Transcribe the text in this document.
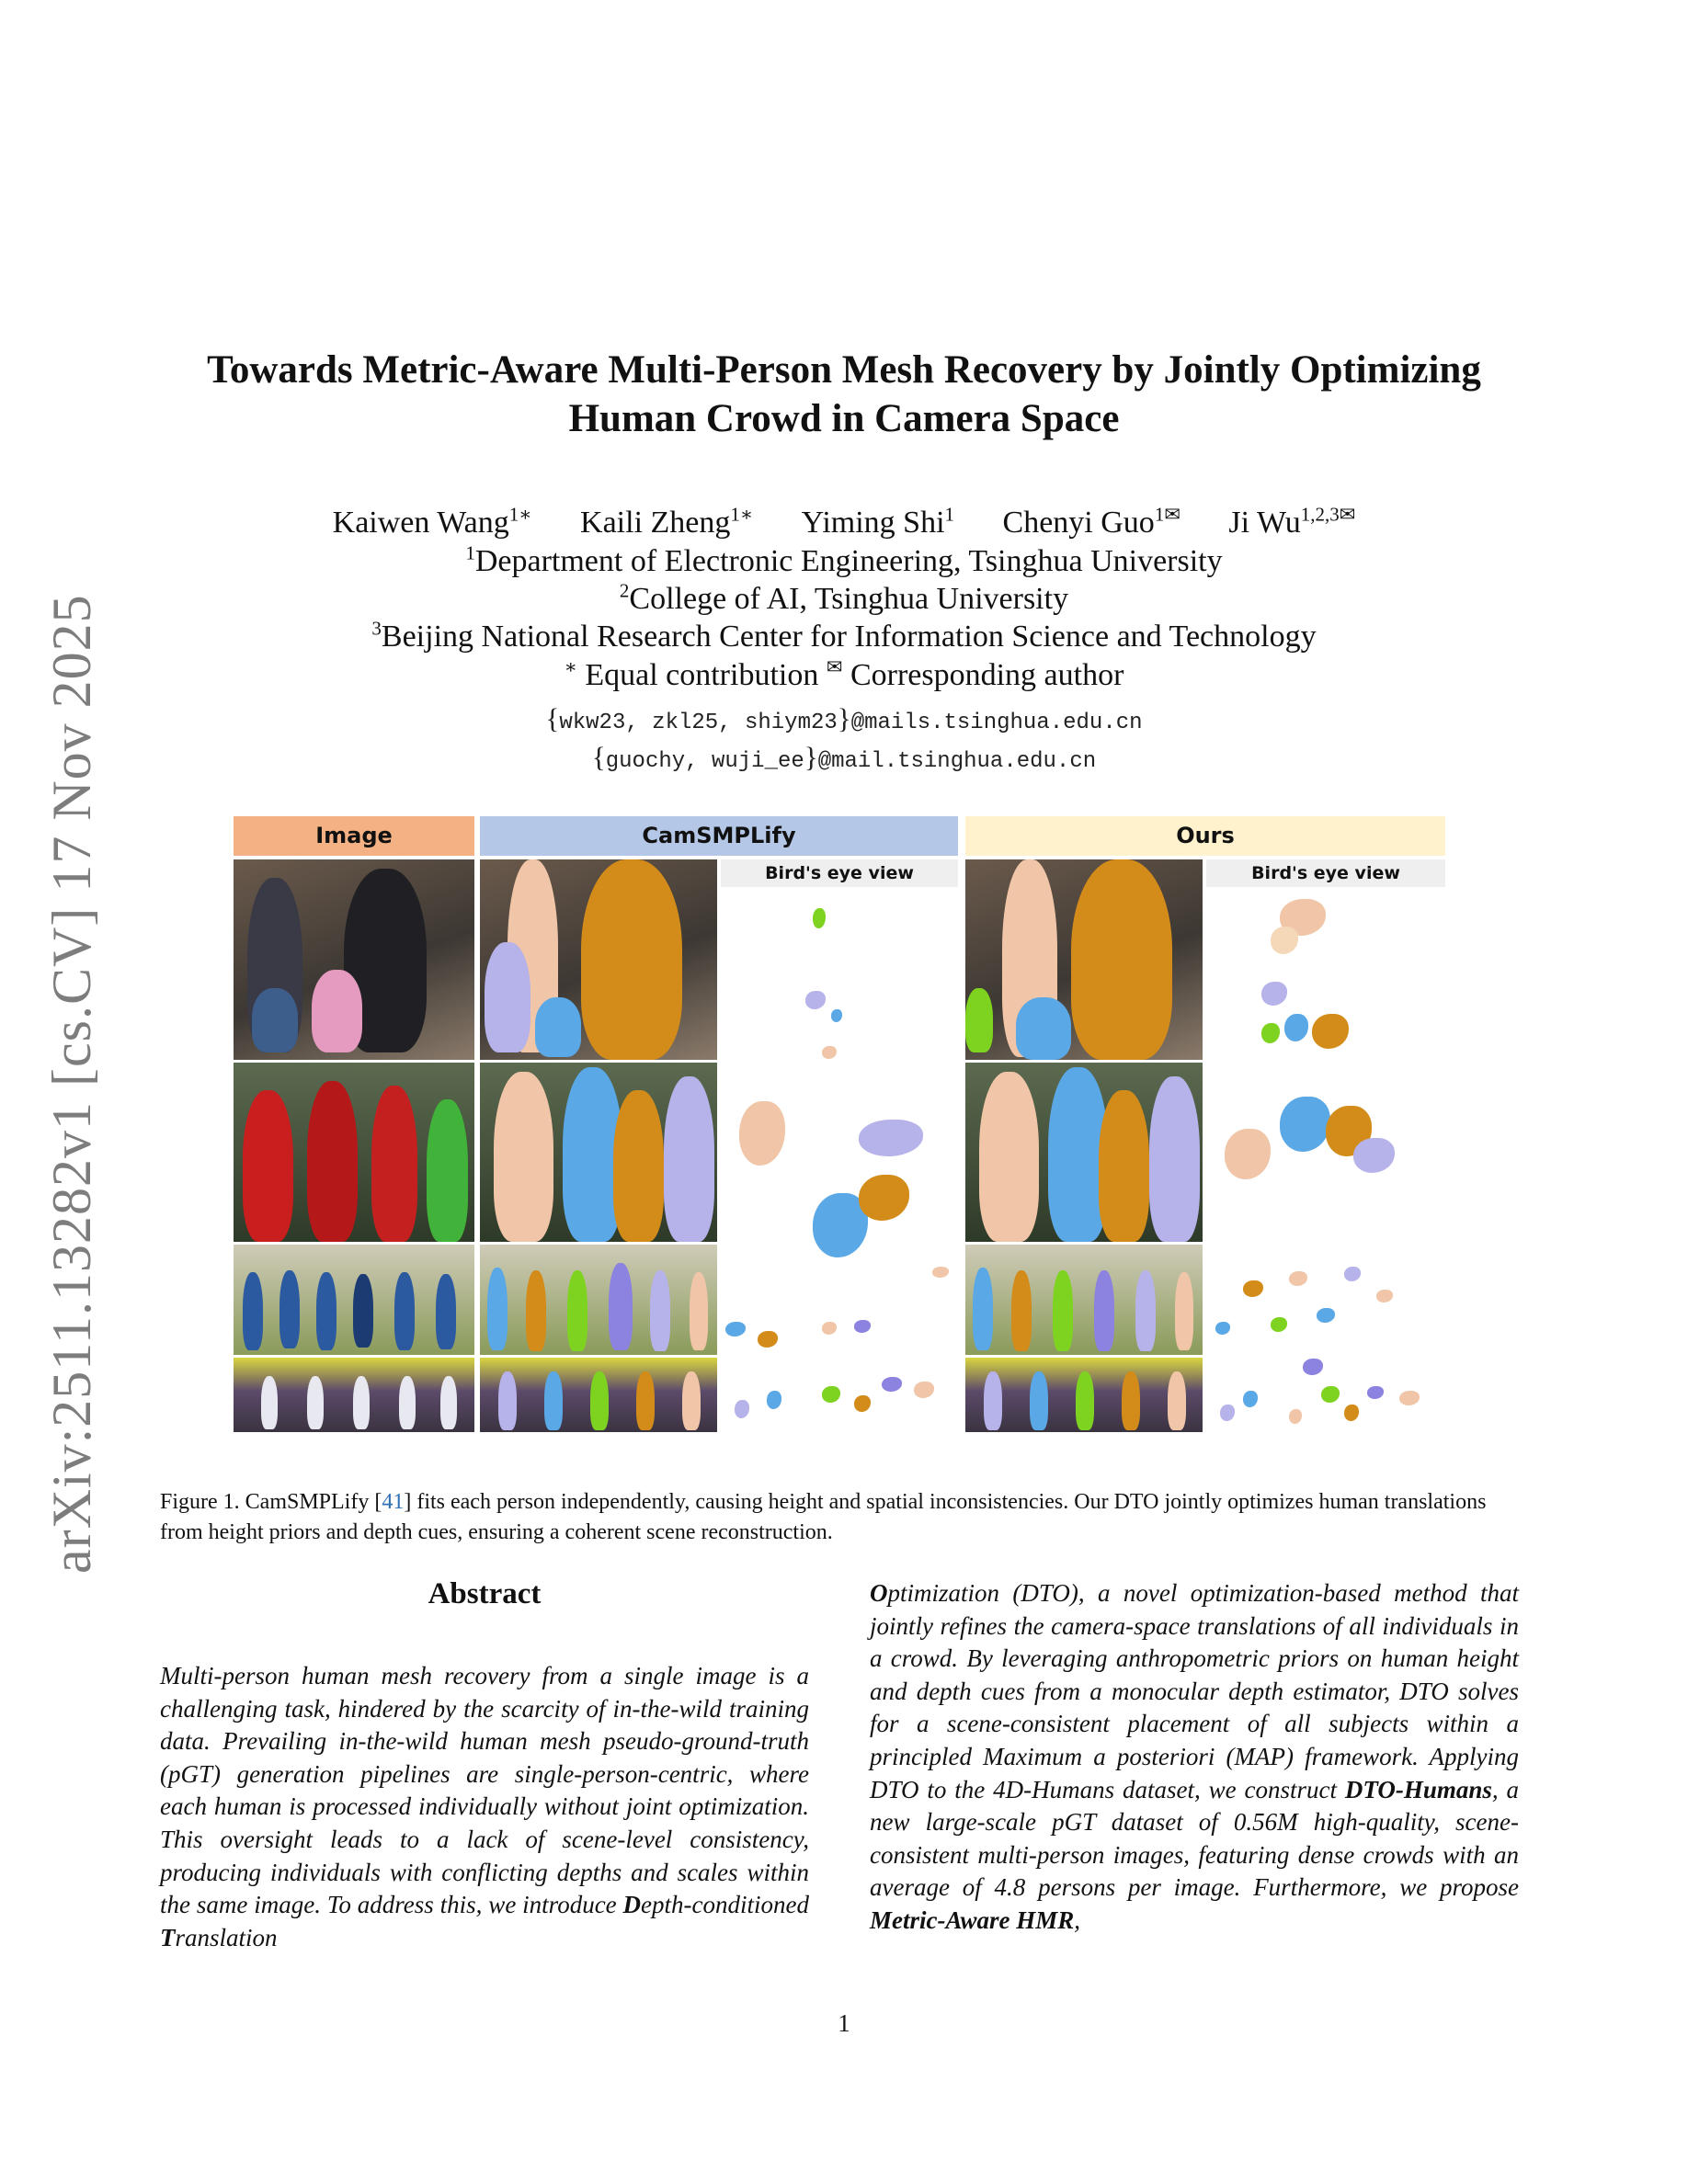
arXiv:2511.13282v1 [cs.CV] 17 Nov 2025
Towards Metric-Aware Multi-Person Mesh Recovery by Jointly Optimizing
Human Crowd in Camera Space
Kaiwen Wang$^{1∗}$ Kaili Zheng$^{1∗}$ Yiming Shi$^1$ Chenyi Guo$^{1✉}$ Ji $Wu^{1,2,3✉}$
$^1$Department of Electronic Engineering, Tsinghua University
$^2$College of AI, Tsinghua University
$^3$Beijing National Research Center for Information Science and Technology
∗ Equal contribution ✉ Corresponding author
{wkw23, zkl25, shiym23}@mails.tsinghua.edu.cn
{guochy, wuji_ee}@mail.tsinghua.edu.cn
Image	CamSMPLify	Ours
Bird's eye view	Bird's eye view
Figure 1. CamSMPLify [41] fits each person independently, causing height and spatial inconsistencies. Our DTO jointly optimizes human translations from height priors and depth cues, ensuring a coherent scene reconstruction.
Abstract

Multi-person human mesh recovery from a single image is a challenging task, hindered by the scarcity of in-the-wild training data. Prevailing in-the-wild human mesh pseudo-ground-truth (pGT) generation pipelines are single-person-centric, where each human is processed individually without joint optimization. This oversight leads to a lack of scene-level consistency, producing individuals with conflicting depths and scales within the same image. To address this, we introduce Depth-conditioned Translation

Optimization (DTO), a novel optimization-based method that jointly refines the camera-space translations of all individuals in a crowd. By leveraging anthropometric priors on human height and depth cues from a monocular depth estimator, DTO solves for a scene-consistent placement of all subjects within a principled Maximum a posteriori (MAP) framework. Applying DTO to the 4D-Humans dataset, we construct DTO-Humans, a new large-scale pGT dataset of 0.56M high-quality, scene-consistent multi-person images, featuring dense crowds with an average of 4.8 persons per image. Furthermore, we propose Metric-Aware HMR,

1
